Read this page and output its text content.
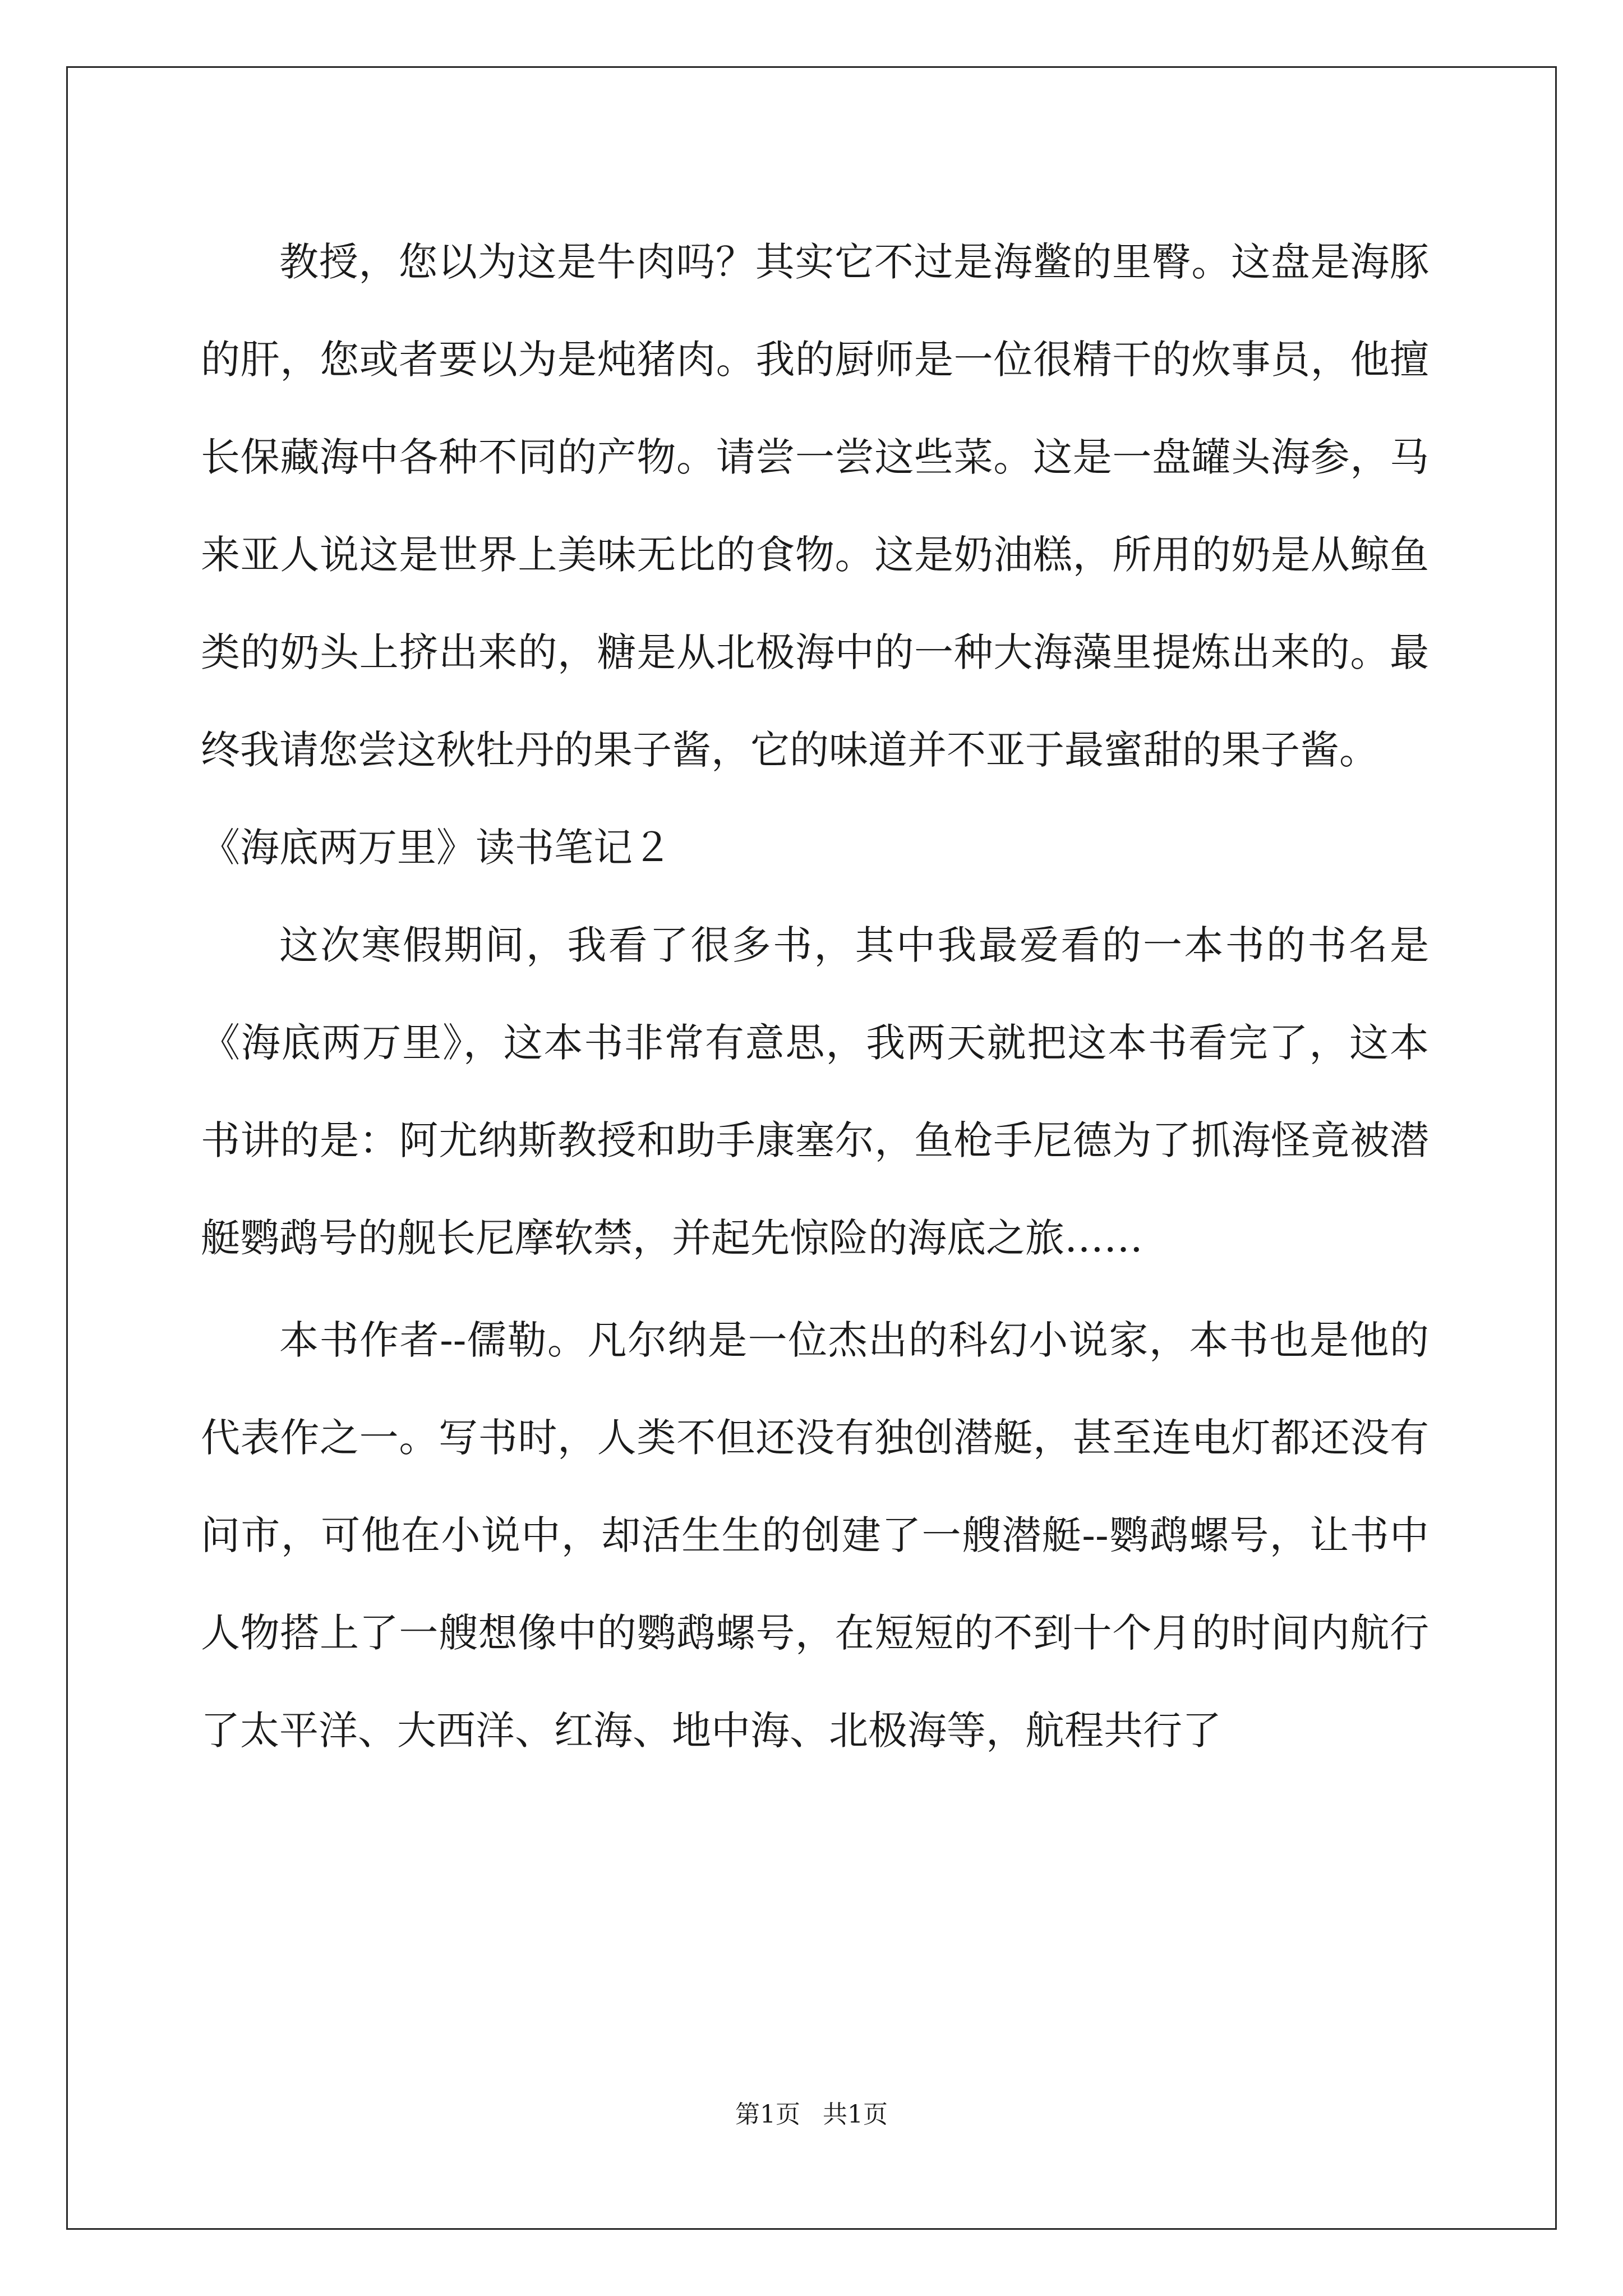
教授，您以为这是牛肉吗？其实它不过是海鳖的里臀。这盘是海豚的肝，您或者要以为是炖猪肉。我的厨师是一位很精干的炊事员，他擅长保藏海中各种不同的产物。请尝一尝这些菜。这是一盘罐头海参，马来亚人说这是世界上美味无比的食物。这是奶油糕，所用的奶是从鲸鱼类的奶头上挤出来的，糖是从北极海中的一种大海藻里提炼出来的。最终我请您尝这秋牡丹的果子酱，它的味道并不亚于最蜜甜的果子酱。

《海底两万里》读书笔记２

这次寒假期间，我看了很多书，其中我最爱看的一本书的书名是《海底两万里》，这本书非常有意思，我两天就把这本书看完了，这本书讲的是：阿尤纳斯教授和助手康塞尔，鱼枪手尼德为了抓海怪竟被潜艇鹦鹉号的舰长尼摩软禁，并起先惊险的海底之旅……

本书作者--儒勒。凡尔纳是一位杰出的科幻小说家，本书也是他的代表作之一。写书时，人类不但还没有独创潜艇，甚至连电灯都还没有问市，可他在小说中，却活生生的创建了一艘潜艇--鹦鹉螺号，让书中人物搭上了一艘想像中的鹦鹉螺号，在短短的不到十个月的时间内航行了太平洋、大西洋、红海、地中海、北极海等，航程共行了

第1页 共1页
